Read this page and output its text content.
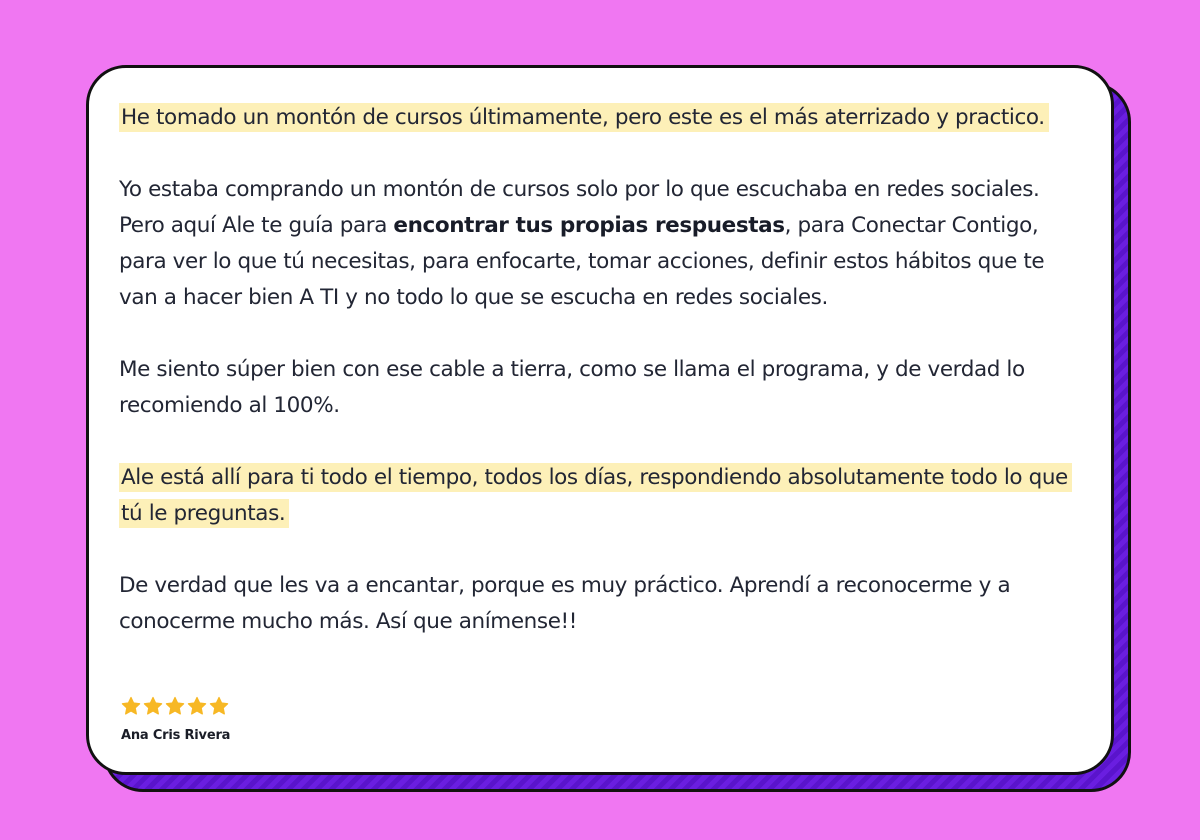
He tomado un montón de cursos últimamente, pero este es el más aterrizado y practico.

Yo estaba comprando un montón de cursos solo por lo que escuchaba en redes sociales. Pero aquí Ale te guía para encontrar tus propias respuestas, para Conectar Contigo, para ver lo que tú necesitas, para enfocarte, tomar acciones, definir estos hábitos que te van a hacer bien A TI y no todo lo que se escucha en redes sociales.

Me siento súper bien con ese cable a tierra, como se llama el programa, y de verdad lo recomiendo al 100%.

Ale está allí para ti todo el tiempo, todos los días, respondiendo absolutamente todo lo que tú le preguntas.

De verdad que les va a encantar, porque es muy práctico. Aprendí a reconocerme y a conocerme mucho más. Así que anímense!!

Ana Cris Rivera
